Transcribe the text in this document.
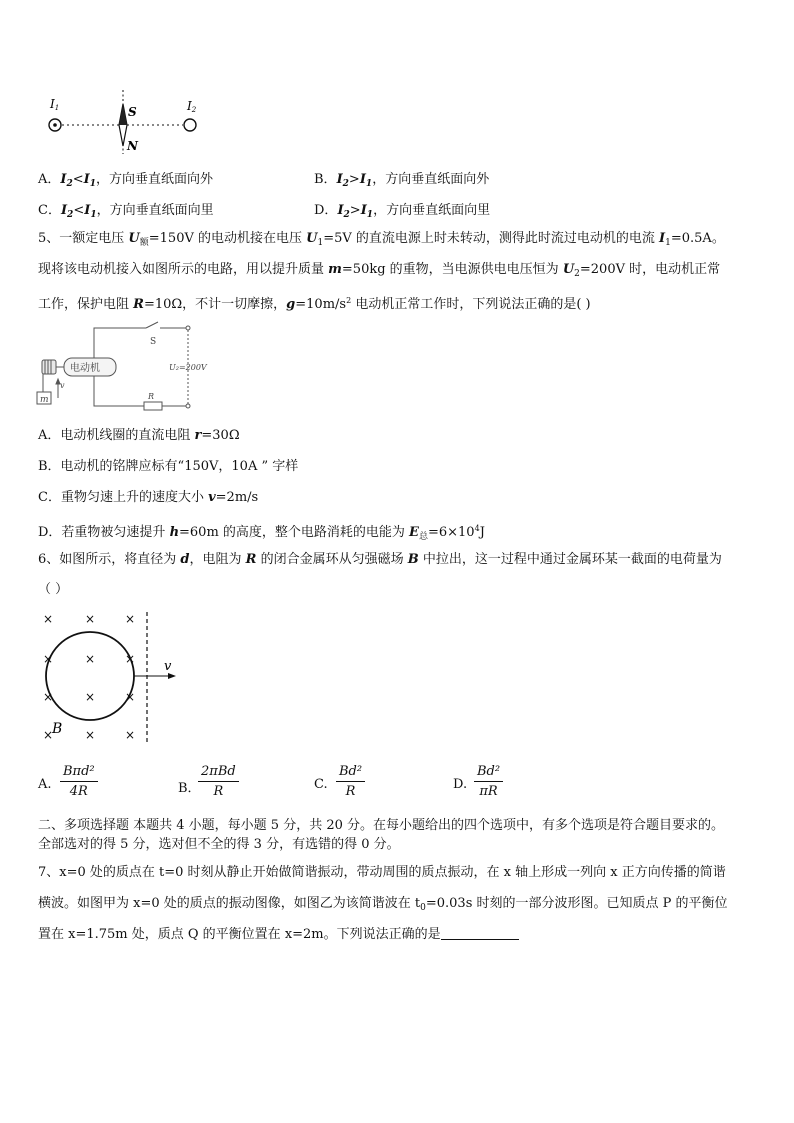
I1	S
N
I2
A．$I_2<I_1$，方向垂直纸面向外	B．$I_2>I_1$，方向垂直纸面向外
C．$I_2<I_1$，方向垂直纸面向里	D．$I_2>I_1$，方向垂直纸面向里
5、一额定电压 $U_额=150V$ 的电动机接在电压 $U_1=5V$ 的直流电源上时未转动，测得此时流过电动机的电流 $I_1=0.5A$。
现将该电动机接入如图所示的电路，用以提升质量 m=50kg 的重物，当电源供电电压恒为 $U_2=200V$ 时，电动机正常
工作，保护电阻 R=10Ω，不计一切摩擦，$g=10m/s^2$ 电动机正常工作时，下列说法正确的是( )
电动机
S
U₂=200V
v
m	R
A．电动机线圈的直流电阻 r=30Ω
B．电动机的铭牌应标有“150V，10A ” 字样
C．重物匀速上升的速度大小 v=2m/s
D．若重物被匀速提升 h=60m 的高度，整个电路消耗的电能为 $E_总=6\times 10^4J$
6、如图所示，将直径为 d，电阻为 R 的闭合金属环从匀强磁场 B 中拉出，这一过程中通过金属环某一截面的电荷量为
（ ）
v
B
×	× ×
×	× ×
×	× ×
×	× ×
A.
Bπd²
4R	B．
2πBd
R	C. $\frac{\text{Bd²}}{R}$	D. $\frac{\text{Bd²}}{\pi R}$
二、多项选择题 本题共 4 小题，每小题 5 分，共 20 分。在每小题给出的四个选项中，有多个选项是符合题目要求的。
全部选对的得 5 分，选对但不全的得 3 分，有选错的得 0 分。
7、x=0 处的质点在 t=0 时刻从静止开始做简谐振动，带动周围的质点振动，在 x 轴上形成一列向 x 正方向传播的简谐
横波。如图甲为 x=0 处的质点的振动图像，如图乙为该简谐波在 $t_0=0.03s$ 时刻的一部分波形图。已知质点 P 的平衡位
置在 x=1.75m 处，质点 Q 的平衡位置在 x=2m。下列说法正确的是
